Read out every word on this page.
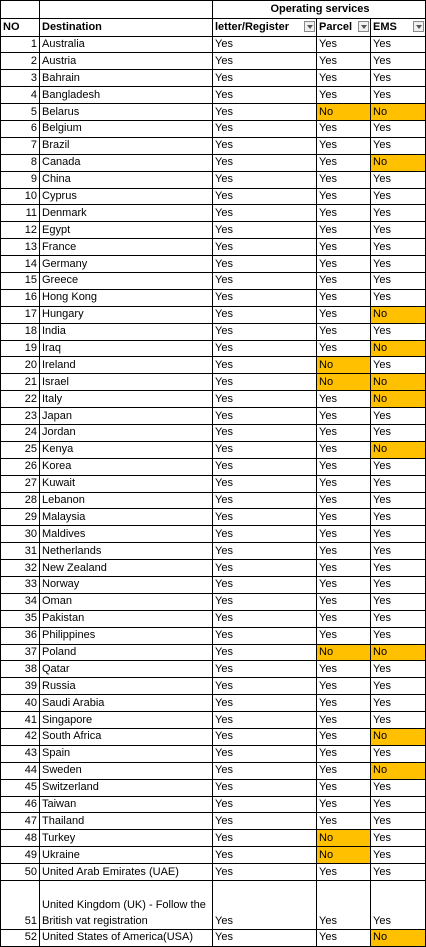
		Operating services		
NO	Destination	letter/Register	Parcel	EMS

1	Australia	Yes	Yes	Yes
2	Austria	Yes	Yes	Yes
3	Bahrain	Yes	Yes	Yes
4	Bangladesh	Yes	Yes	Yes
5	Belarus	Yes	No	No
6	Belgium	Yes	Yes	Yes
7	Brazil	Yes	Yes	Yes
8	Canada	Yes	Yes	No
9	China	Yes	Yes	Yes
10	Cyprus	Yes	Yes	Yes
11	Denmark	Yes	Yes	Yes
12	Egypt	Yes	Yes	Yes
13	France	Yes	Yes	Yes
14	Germany	Yes	Yes	Yes
15	Greece	Yes	Yes	Yes
16	Hong Kong	Yes	Yes	Yes
17	Hungary	Yes	Yes	No
18	India	Yes	Yes	Yes
19	Iraq	Yes	Yes	No
20	Ireland	Yes	No	Yes
21	Israel	Yes	No	No
22	Italy	Yes	Yes	No
23	Japan	Yes	Yes	Yes
24	Jordan	Yes	Yes	Yes
25	Kenya	Yes	Yes	No
26	Korea	Yes	Yes	Yes
27	Kuwait	Yes	Yes	Yes
28	Lebanon	Yes	Yes	Yes
29	Malaysia	Yes	Yes	Yes
30	Maldives	Yes	Yes	Yes
31	Netherlands	Yes	Yes	Yes
32	New Zealand	Yes	Yes	Yes
33	Norway	Yes	Yes	Yes
34	Oman	Yes	Yes	Yes
35	Pakistan	Yes	Yes	Yes
36	Philippines	Yes	Yes	Yes
37	Poland	Yes	No	No
38	Qatar	Yes	Yes	Yes
39	Russia	Yes	Yes	Yes
40	Saudi Arabia	Yes	Yes	Yes
41	Singapore	Yes	Yes	Yes
42	South Africa	Yes	Yes	No
43	Spain	Yes	Yes	Yes
44	Sweden	Yes	Yes	No
45	Switzerland	Yes	Yes	Yes
46	Taiwan	Yes	Yes	Yes
47	Thailand	Yes	Yes	Yes
48	Turkey	Yes	No	Yes
49	Ukraine	Yes	No	Yes
50	United Arab Emirates (UAE)	Yes	Yes	Yes
51	United Kingdom (UK) - Follow the British vat registration	Yes	Yes	Yes
52	United States of America(USA)	Yes	Yes	No
